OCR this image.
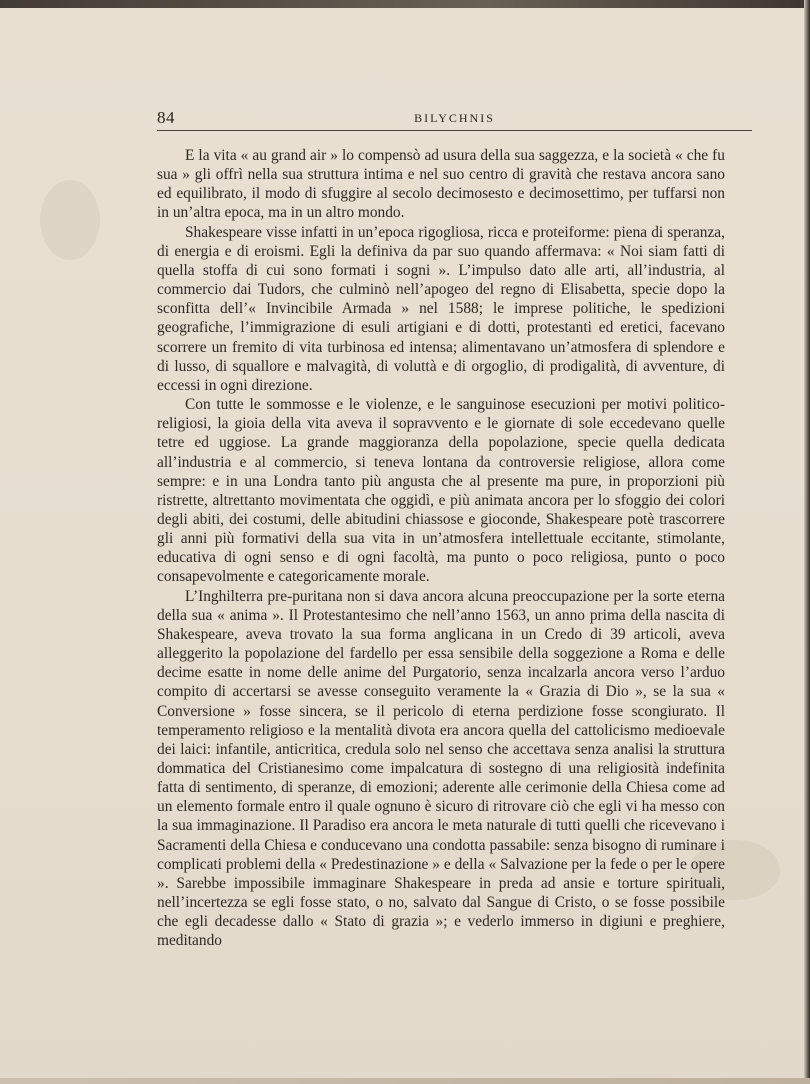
84	BILYCHNIS

E la vita « au grand air » lo compensò ad usura della sua saggezza, e la società « che fu sua » gli offrì nella sua struttura intima e nel suo centro di gravità che restava ancora sano ed equilibrato, il modo di sfuggire al secolo decimosesto e decimosettimo, per tuffarsi non in un’altra epoca, ma in un altro mondo.

Shakespeare visse infatti in un’epoca rigogliosa, ricca e proteiforme: piena di speranza, di energia e di eroismi. Egli la definiva da par suo quando affermava: « Noi siam fatti di quella stoffa di cui sono formati i sogni ». L’impulso dato alle arti, all’industria, al commercio dai Tudors, che culminò nell’apogeo del regno di Elisabetta, specie dopo la sconfitta dell’« Invincibile Armada » nel 1588; le imprese politiche, le spedizioni geografiche, l’immigrazione di esuli artigiani e di dotti, protestanti ed eretici, facevano scorrere un fremito di vita turbinosa ed intensa; alimentavano un’atmosfera di splendore e di lusso, di squallore e malvagità, di voluttà e di orgoglio, di prodigalità, di avventure, di eccessi in ogni direzione.

Con tutte le sommosse e le violenze, e le sanguinose esecuzioni per motivi politico-religiosi, la gioia della vita aveva il sopravvento e le giornate di sole eccedevano quelle tetre ed uggiose. La grande maggioranza della popolazione, specie quella dedicata all’industria e al commercio, si teneva lontana da controversie religiose, allora come sempre: e in una Londra tanto più angusta che al presente ma pure, in proporzioni più ristrette, altrettanto movimentata che oggidì, e più animata ancora per lo sfoggio dei colori degli abiti, dei costumi, delle abitudini chiassose e gioconde, Shakespeare potè trascorrere gli anni più formativi della sua vita in un’atmosfera intellettuale eccitante, stimolante, educativa di ogni senso e di ogni facoltà, ma punto o poco religiosa, punto o poco consapevolmente e categoricamente morale.

L’Inghilterra pre-puritana non si dava ancora alcuna preoccupazione per la sorte eterna della sua « anima ». Il Protestantesimo che nell’anno 1563, un anno prima della nascita di Shakespeare, aveva trovato la sua forma anglicana in un Credo di 39 articoli, aveva alleggerito la popolazione del fardello per essa sensibile della soggezione a Roma e delle decime esatte in nome delle anime del Purgatorio, senza incalzarla ancora verso l’arduo compito di accertarsi se avesse conseguito veramente la « Grazia di Dio », se la sua « Conversione » fosse sincera, se il pericolo di eterna perdizione fosse scongiurato. Il temperamento religioso e la mentalità divota era ancora quella del cattolicismo medioevale dei laici: infantile, anticritica, credula solo nel senso che accettava senza analisi la struttura dommatica del Cristianesimo come impalcatura di sostegno di una religiosità indefinita fatta di sentimento, di speranze, di emozioni; aderente alle cerimonie della Chiesa come ad un elemento formale entro il quale ognuno è sicuro di ritrovare ciò che egli vi ha messo con la sua immaginazione. Il Paradiso era ancora le meta naturale di tutti quelli che ricevevano i Sacramenti della Chiesa e conducevano una condotta passabile: senza bisogno di ruminare i complicati problemi della « Predestinazione » e della « Salvazione per la fede o per le opere ». Sarebbe impossibile immaginare Shakespeare in preda ad ansie e torture spirituali, nell’incertezza se egli fosse stato, o no, salvato dal Sangue di Cristo, o se fosse possibile che egli decadesse dallo « Stato di grazia »; e vederlo immerso in digiuni e preghiere, meditando
